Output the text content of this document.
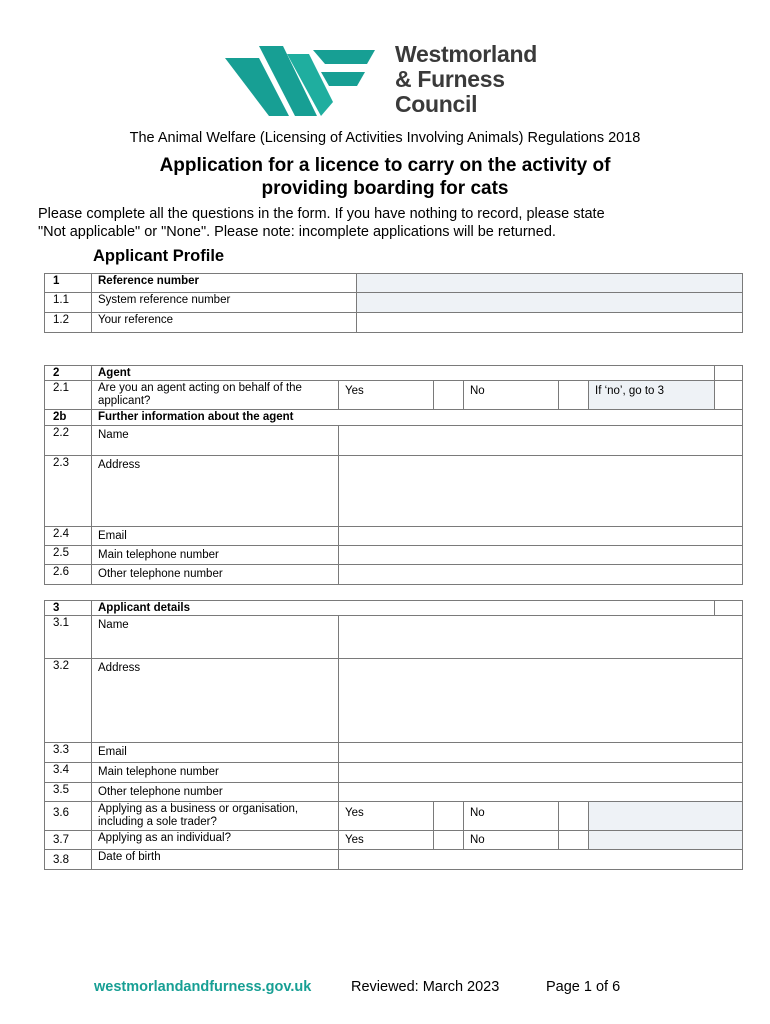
Westmorland
& Furness
Council
The Animal Welfare (Licensing of Activities Involving Animals) Regulations 2018
Application for a licence to carry on the activity of
providing boarding for cats
Please complete all the questions in the form. If you have nothing to record, please state
"Not applicable" or "None". Please note: incomplete applications will be returned.
Applicant Profile
1	Reference number	
1.1	System reference number	
1.2	Your reference	
2	Agent						
2.1	Are you an agent acting on behalf of the
applicant?	Yes		No		If ‘no’, go to 3	
2b	Further information about the agent						
2.2	Name						
2.3	Address						
2.4	Email						
2.5	Main telephone number						
2.6	Other telephone number						
3	Applicant details						
3.1	Name						
3.2	Address						
3.3	Email						
3.4	Main telephone number						
3.5	Other telephone number						
3.6	Applying as a business or organisation,
including a sole trader?	Yes		No			
3.7	Applying as an individual?	Yes		No			
3.8	Date of birth						
westmorlandandfurness.gov.uk	Reviewed: March 2023	Page 1 of 6
